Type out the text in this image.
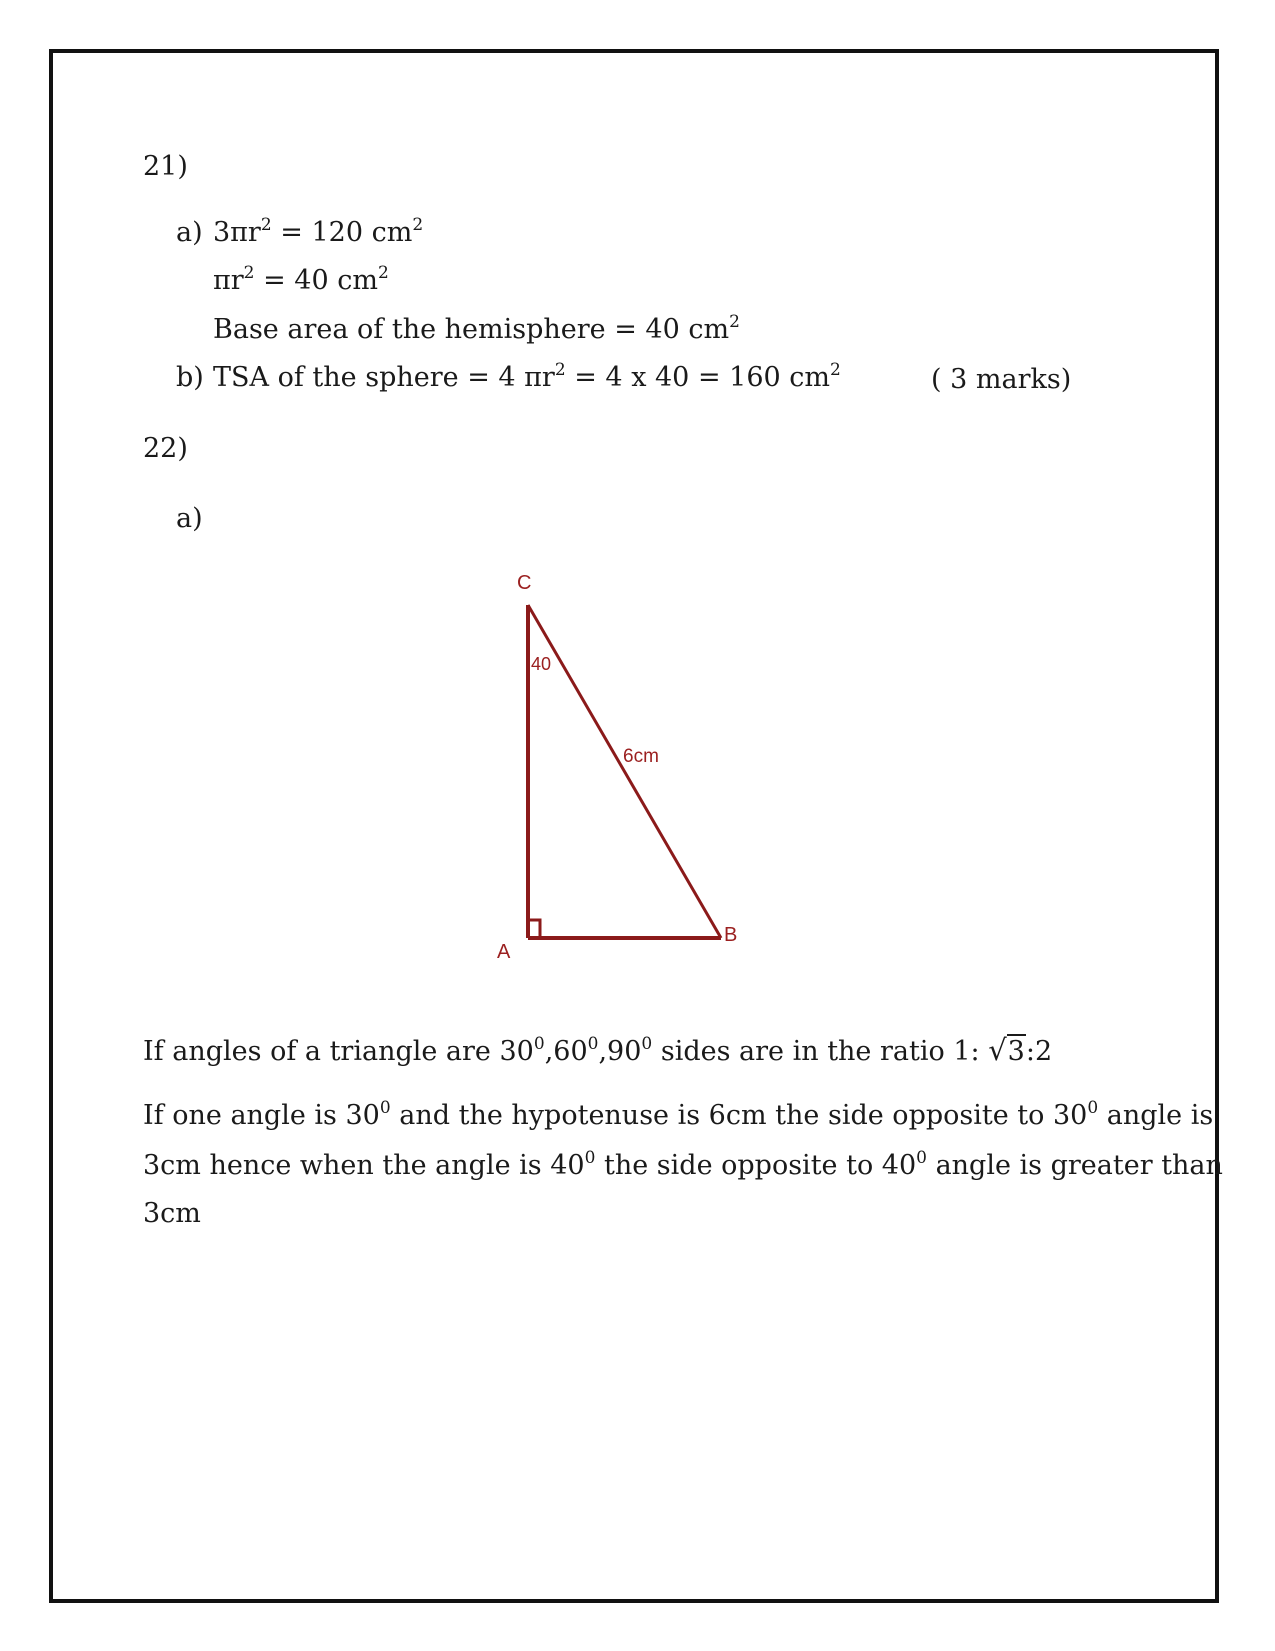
21)
a) $3\pi r^2 = 120$ $cm^2$
$\pi r^2 = 40$ $cm^2$
Base area of the hemisphere = 40 $cm^2$
b) TSA of the sphere = 4 $\pi r^2 = 4$ x 40 = 160 $cm^2$	( 3 marks)
22)
a)
C
A
B
40
6cm
If angles of a triangle are $30^0,60^0,90^0$ sides are in the ratio 1: √3:2
If one angle is $30^0$ and the hypotenuse is 6cm the side opposite to $30^0$ angle is
3cm hence when the angle is $40^0$ the side opposite to $40^0$ angle is greater than
3cm
